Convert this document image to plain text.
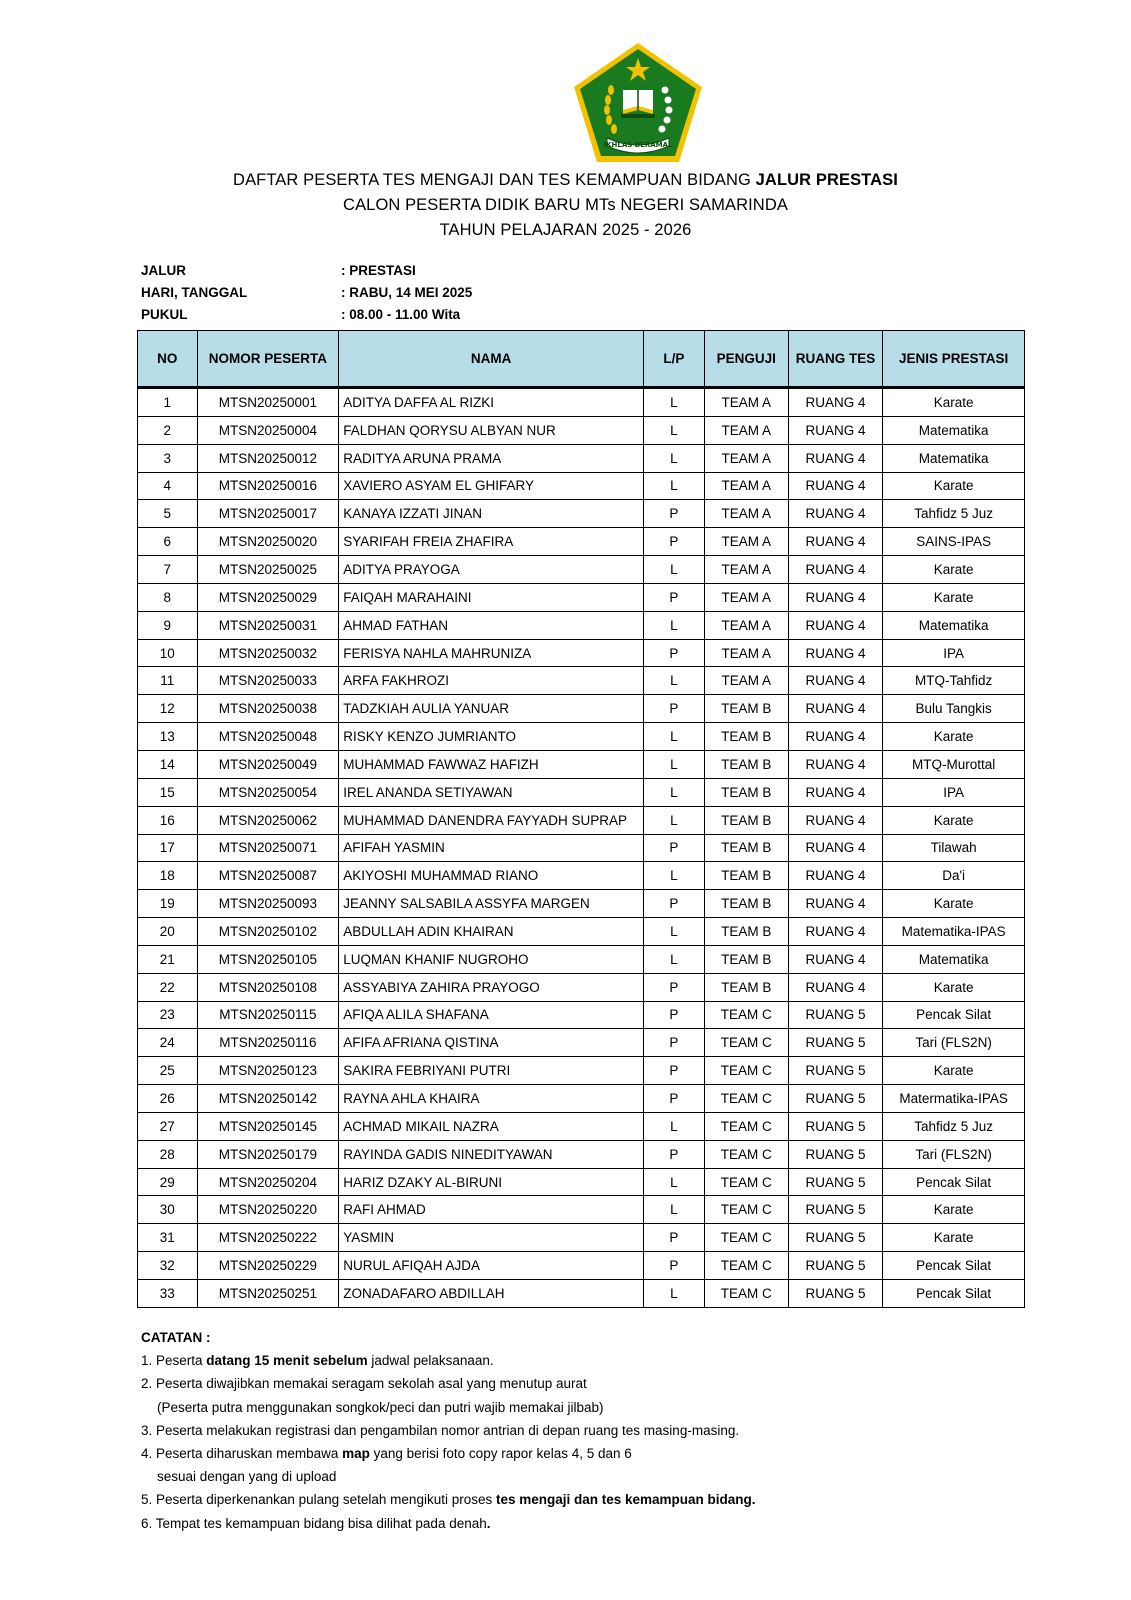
IKHLAS BERAMAL
DAFTAR PESERTA TES MENGAJI DAN TES KEMAMPUAN BIDANG JALUR PRESTASI
CALON PESERTA DIDIK BARU MTs NEGERI SAMARINDA
TAHUN PELAJARAN 2025 - 2026
JALUR	: PRESTASI
HARI, TANGGAL	: RABU, 14 MEI 2025
PUKUL	: 08.00 - 11.00 Wita
NO	NOMOR PESERTA	NAMA	L/P	PENGUJI	RUANG TES	JENIS PRESTASI
1	MTSN20250001	ADITYA DAFFA AL RIZKI	L	TEAM A	RUANG 4	Karate
2	MTSN20250004	FALDHAN QORYSU ALBYAN NUR	L	TEAM A	RUANG 4	Matematika
3	MTSN20250012	RADITYA ARUNA PRAMA	L	TEAM A	RUANG 4	Matematika
4	MTSN20250016	XAVIERO ASYAM EL GHIFARY	L	TEAM A	RUANG 4	Karate
5	MTSN20250017	KANAYA IZZATI JINAN	P	TEAM A	RUANG 4	Tahfidz 5 Juz
6	MTSN20250020	SYARIFAH FREIA ZHAFIRA	P	TEAM A	RUANG 4	SAINS-IPAS
7	MTSN20250025	ADITYA PRAYOGA	L	TEAM A	RUANG 4	Karate
8	MTSN20250029	FAIQAH MARAHAINI	P	TEAM A	RUANG 4	Karate
9	MTSN20250031	AHMAD FATHAN	L	TEAM A	RUANG 4	Matematika
10	MTSN20250032	FERISYA NAHLA MAHRUNIZA	P	TEAM A	RUANG 4	IPA
11	MTSN20250033	ARFA FAKHROZI	L	TEAM A	RUANG 4	MTQ-Tahfidz
12	MTSN20250038	TADZKIAH AULIA YANUAR	P	TEAM B	RUANG 4	Bulu Tangkis
13	MTSN20250048	RISKY KENZO JUMRIANTO	L	TEAM B	RUANG 4	Karate
14	MTSN20250049	MUHAMMAD FAWWAZ HAFIZH	L	TEAM B	RUANG 4	MTQ-Murottal
15	MTSN20250054	IREL ANANDA SETIYAWAN	L	TEAM B	RUANG 4	IPA
16	MTSN20250062	MUHAMMAD DANENDRA FAYYADH SUPRAP	L	TEAM B	RUANG 4	Karate
17	MTSN20250071	AFIFAH YASMIN	P	TEAM B	RUANG 4	Tilawah
18	MTSN20250087	AKIYOSHI MUHAMMAD RIANO	L	TEAM B	RUANG 4	Da'i
19	MTSN20250093	JEANNY SALSABILA ASSYFA MARGEN	P	TEAM B	RUANG 4	Karate
20	MTSN20250102	ABDULLAH ADIN KHAIRAN	L	TEAM B	RUANG 4	Matematika-IPAS
21	MTSN20250105	LUQMAN KHANIF NUGROHO	L	TEAM B	RUANG 4	Matematika
22	MTSN20250108	ASSYABIYA ZAHIRA PRAYOGO	P	TEAM B	RUANG 4	Karate
23	MTSN20250115	AFIQA ALILA SHAFANA	P	TEAM C	RUANG 5	Pencak Silat
24	MTSN20250116	AFIFA AFRIANA QISTINA	P	TEAM C	RUANG 5	Tari (FLS2N)
25	MTSN20250123	SAKIRA FEBRIYANI PUTRI	P	TEAM C	RUANG 5	Karate
26	MTSN20250142	RAYNA AHLA KHAIRA	P	TEAM C	RUANG 5	Matermatika-IPAS
27	MTSN20250145	ACHMAD MIKAIL NAZRA	L	TEAM C	RUANG 5	Tahfidz 5 Juz
28	MTSN20250179	RAYINDA GADIS NINEDITYAWAN	P	TEAM C	RUANG 5	Tari (FLS2N)
29	MTSN20250204	HARIZ DZAKY AL-BIRUNI	L	TEAM C	RUANG 5	Pencak Silat
30	MTSN20250220	RAFI AHMAD	L	TEAM C	RUANG 5	Karate
31	MTSN20250222	YASMIN	P	TEAM C	RUANG 5	Karate
32	MTSN20250229	NURUL AFIQAH AJDA	P	TEAM C	RUANG 5	Pencak Silat
33	MTSN20250251	ZONADAFARO ABDILLAH	L	TEAM C	RUANG 5	Pencak Silat
CATATAN :
1. Peserta datang 15 menit sebelum jadwal pelaksanaan.
2. Peserta diwajibkan memakai seragam sekolah asal yang menutup aurat
(Peserta putra menggunakan songkok/peci dan putri wajib memakai jilbab)
3. Peserta melakukan registrasi dan pengambilan nomor antrian di depan ruang tes masing-masing.
4. Peserta diharuskan membawa map yang berisi foto copy rapor kelas 4, 5 dan 6
sesuai dengan yang di upload
5. Peserta diperkenankan pulang setelah mengikuti proses tes mengaji dan tes kemampuan bidang.
6. Tempat tes kemampuan bidang bisa dilihat pada denah.
